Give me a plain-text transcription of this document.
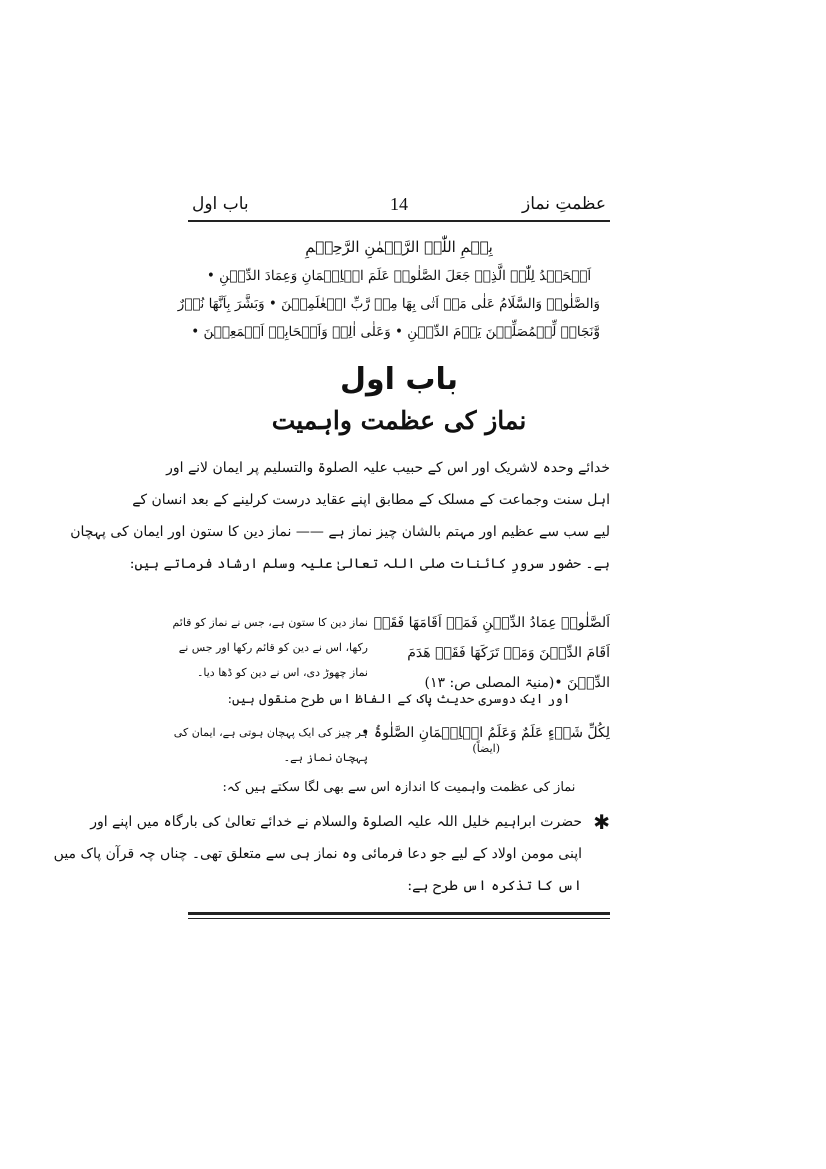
عظمتِ نماز
14
باب اول
بِسۡمِ اللّٰہِ الرَّحۡمٰنِ الرَّحِیۡمِ
اَلۡحَمۡدُ لِلّٰہِ الَّذِیۡ جَعَلَ الصَّلٰوۃَ عَلَمَ الۡاِیۡمَانِ وَعِمَادَ الدِّیۡنِ •
وَالصَّلٰوۃُ وَالسَّلَامُ عَلٰی مَنۡ اَتٰی بِھَا مِنۡ رَّبِّ الۡعٰلَمِیۡنَ • وَبَشَّرَ بِاَنَّھَا نُوۡرٌ
وَّنَجَاۃٌ لِّلۡمُصَلِّیۡنَ یَوۡمَ الدِّیۡنِ • وَعَلٰی اٰلِہٖ وَاَصۡحَابِہٖ اَجۡمَعِیۡنَ •
باب اول
نماز کی عظمت واہمیت
خدائے وحدہ لاشریک اور اس کے حبیب علیہ الصلوۃ والتسلیم پر ایمان لانے اور
اہل سنت وجماعت کے مسلک کے مطابق اپنے عقاید درست کرلینے کے بعد انسان کے
لیے سب سے عظیم اور مہتم بالشان چیز نماز ہے —— نماز دین کا ستون اور ایمان کی پہچان
ہے۔ حضور سرورِ کائنات صلی اللہ تعالیٰ علیہ وسلم ارشاد فرماتے ہیں:
اَلصَّلٰوۃُ عِمَادُ الدِّیۡنِ فَمَنۡ اَقَامَھَا فَقَدۡ
اَقَامَ الدِّیۡنَ وَمَنۡ تَرَکَھَا فَقَدۡ ھَدَمَ
الدِّیۡنَ •(منیۃ المصلی ص: ۱۳)
نماز دین کا ستون ہے، جس نے نماز کو قائم
رکھا، اس نے دین کو قائم رکھا اور جس نے
نماز چھوڑ دی، اس نے دین کو ڈھا دیا۔
اور ایک دوسری حدیث پاک کے الفاظ اس طرح منقول ہیں:
لِکُلِّ شَیۡءٍ عَلَمٌ وَعَلَمُ الۡاِیۡمَانِ الصَّلٰوۃُ •
(ایضاً)
ہر چیز کی ایک پہچان ہوتی ہے، ایمان کی
پہچان نماز ہے۔
نماز کی عظمت واہمیت کا اندازہ اس سے بھی لگا سکتے ہیں کہ:
✱
حضرت ابراہیم خلیل اللہ علیہ الصلوۃ والسلام نے خدائے تعالیٰ کی بارگاہ میں اپنے اور
اپنی مومن اولاد کے لیے جو دعا فرمائی وہ نماز ہی سے متعلق تھی۔ چناں چہ قرآن پاک میں
اس کا تذکرہ اس طرح ہے:
